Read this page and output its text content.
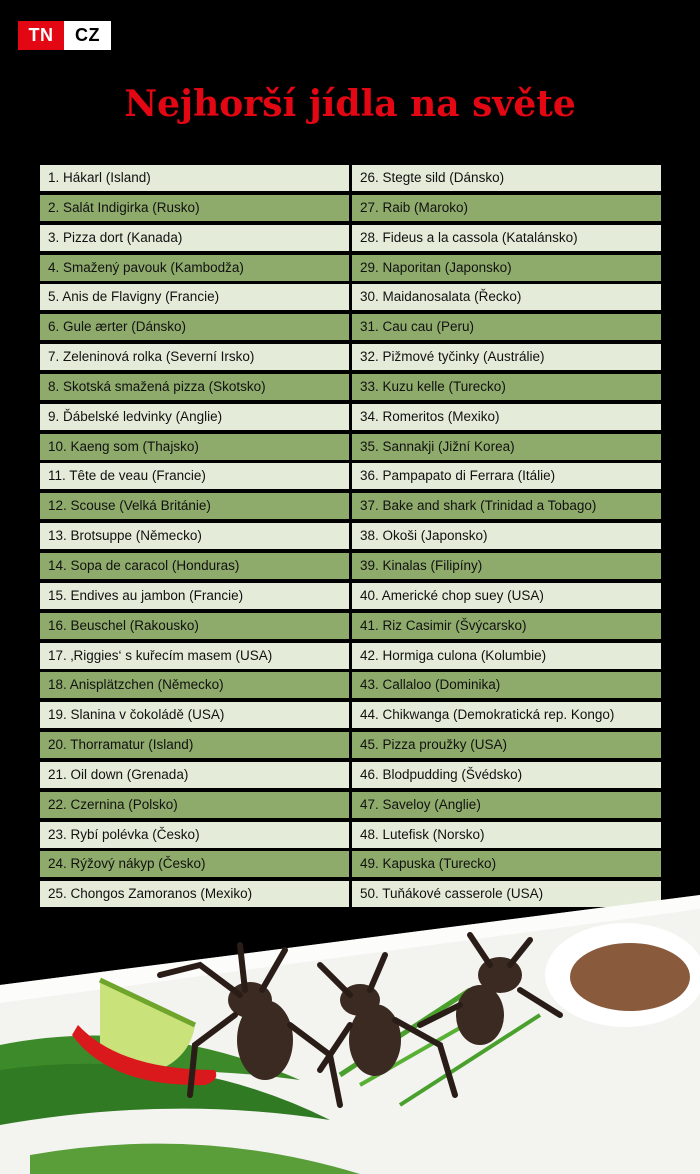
TN	CZ
Nejhorší jídla na světe
1. Hákarl (Island)
2. Salát Indigirka (Rusko)
3. Pizza dort (Kanada)
4. Smažený pavouk (Kambodža)
5. Anis de Flavigny (Francie)
6. Gule ærter (Dánsko)
7. Zeleninová rolka (Severní Irsko)
8. Skotská smažená pizza (Skotsko)
9. Ďábelské ledvinky (Anglie)
10. Kaeng som (Thajsko)
11. Tête de veau (Francie)
12. Scouse (Velká Británie)
13. Brotsuppe (Německo)
14. Sopa de caracol (Honduras)
15. Endives au jambon (Francie)
16. Beuschel (Rakousko)
17. ‚Riggies‘ s kuřecím masem (USA)
18. Anisplätzchen (Německo)
19. Slanina v čokoládě (USA)
20. Thorramatur (Island)
21. Oil down (Grenada)
22. Czernina (Polsko)
23. Rybí polévka (Česko)
24. Rýžový nákyp (Česko)
25. Chongos Zamoranos (Mexiko)
26. Stegte sild (Dánsko)
27. Raib (Maroko)
28. Fideus a la cassola (Katalánsko)
29. Naporitan (Japonsko)
30. Maidanosalata (Řecko)
31. Cau cau (Peru)
32. Pižmové tyčinky (Austrálie)
33. Kuzu kelle (Turecko)
34. Romeritos (Mexiko)
35. Sannakji (Jižní Korea)
36. Pampapato di Ferrara (Itálie)
37. Bake and shark (Trinidad a Tobago)
38. Okoši (Japonsko)
39. Kinalas (Filipíny)
40. Americké chop suey (USA)
41. Riz Casimir (Švýcarsko)
42. Hormiga culona (Kolumbie)
43. Callaloo (Dominika)
44. Chikwanga (Demokratická rep. Kongo)
45. Pizza proužky (USA)
46. Blodpudding (Švédsko)
47. Saveloy (Anglie)
48. Lutefisk (Norsko)
49. Kapuska (Turecko)
50. Tuňákové casserole (USA)
